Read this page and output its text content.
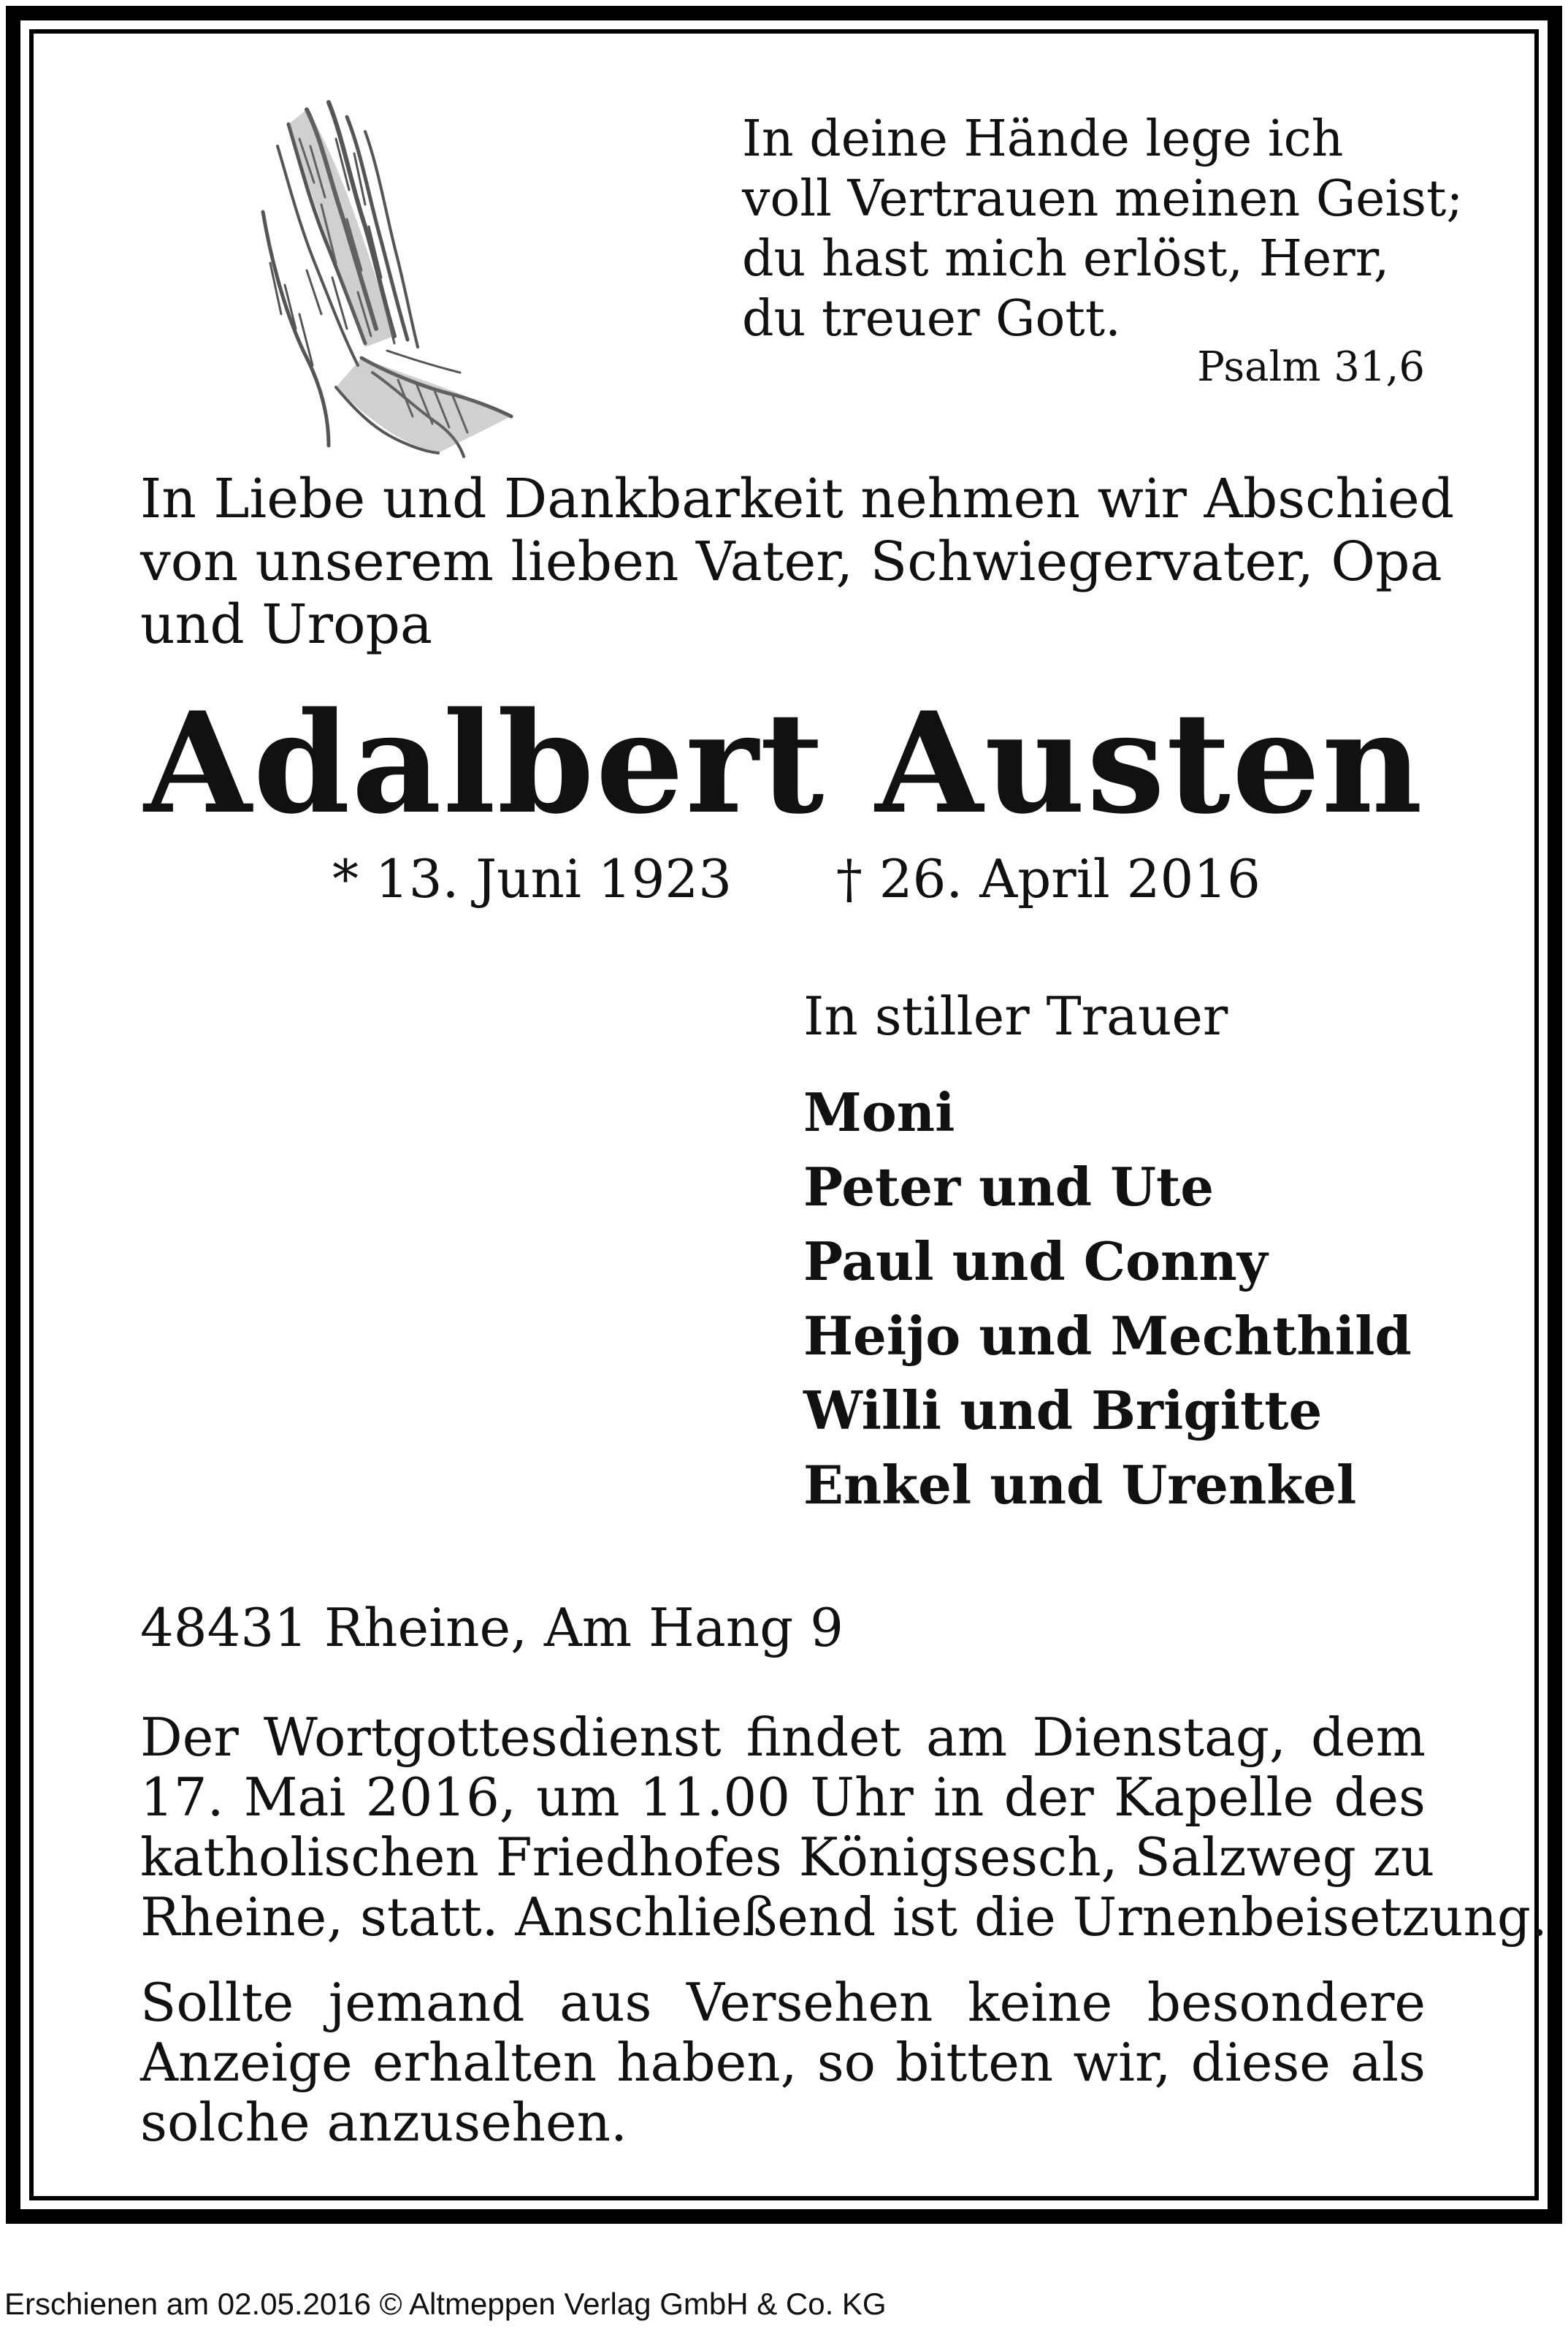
In deine Hände lege ich
voll Vertrauen meinen Geist;
du hast mich erlöst, Herr,
du treuer Gott.
Psalm 31,6
In Liebe und Dankbarkeit nehmen wir Abschied
von unserem lieben Vater, Schwiegervater, Opa
und Uropa
Adalbert Austen
* 13. Juni 1923 † 26. April 2016
In stiller Trauer
Moni
Peter und Ute
Paul und Conny
Heijo und Mechthild
Willi und Brigitte
Enkel und Urenkel
48431 Rheine, Am Hang 9
Der Wortgottesdienst findet am Dienstag, dem
17. Mai 2016, um 11.00 Uhr in der Kapelle des
katholischen Friedhofes Königsesch, Salzweg zu
Rheine, statt. Anschließend ist die Urnenbeisetzung.
Sollte jemand aus Versehen keine besondere
Anzeige erhalten haben, so bitten wir, diese als
solche anzusehen.
Erschienen am 02.05.2016 © Altmeppen Verlag GmbH & Co. KG
